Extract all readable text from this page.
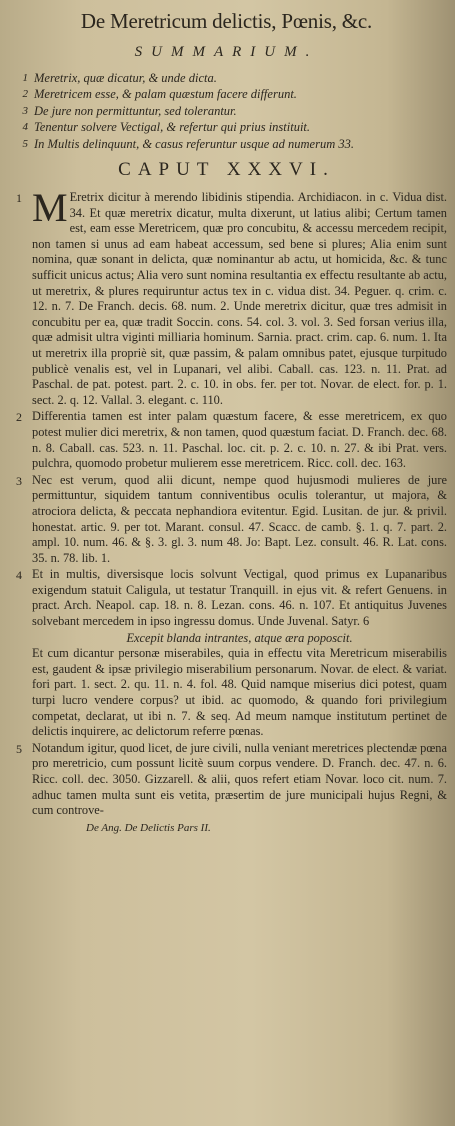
De Meretricum delictis, Pœnis, &c.
SUMMARIUM.
1 Meretrix, quæ dicatur, & unde dicta.
2 Meretricem esse, & palam quæstum facere differunt.
3 De jure non permittuntur, sed tolerantur.
4 Tenentur solvere Vectigal, & refertur qui prius instituit.
5 In Multis delinquunt, & casus referuntur usque ad numerum 33.
CAPUT XXXVI.
1 M Eretrix dicitur à merendo libidinis stipendia. Archidiacon. in c. Vidua dist. 34. Et quæ meretrix dicatur, multa dixerunt, ut latius alibi; Certum tamen est, eam esse Meretricem, quæ pro concubitu, & accessu mercedem recipit, non tamen si unus ad eam habeat accessum, sed bene si plures; Alia enim sunt nomina, quæ sonant in delicta, quæ nominantur ab actu, ut homicida, &c. & tunc sufficit unicus actus; Alia vero sunt nomina resultantia ex effectu resultante ab actu, ut meretrix, & plures requiruntur actus tex in c. vidua dist. 34. Peguer. q. crim. c. 12. n. 7. De Franch. decis. 68. num. 2. Unde meretrix dicitur, quæ tres admisit in concubitu per ea, quæ tradit Soccin. cons. 54. col. 3. vol. 3. Sed forsan verius illa, quæ admisit ultra viginti milliaria hominum. Sarnia. pract. crim. cap. 6. num. 1. Ita ut meretrix illa propriè sit, quæ passim, & palam omnibus patet, ejusque turpitudo publicè venalis est, vel in Lupanari, vel alibi. Caball. cas. 123. n. 11. Prat. ad Paschal. de pat. potest. part. 2. c. 10. in obs. fer. per tot. Novar. de elect. for. p. 1. sect. 2. q. 12. Vallal. 3. elegant. c. 110.
2 Differentia tamen est inter palam quæstum facere, & esse meretricem, ex quo potest mulier dici meretrix, & non tamen, quod quæstum faciat. D. Franch. dec. 68. n. 8. Caball. cas. 523. n. 11. Paschal. loc. cit. p. 2. c. 10. n. 27. & ibi Prat. vers. pulchra, quomodo probetur mulierem esse meretricem. Ricc. coll. dec. 163.
3 Nec est verum, quod alii dicunt, nempe quod hujusmodi mulieres de jure permittuntur, siquidem tantum conniventibus oculis tolerantur, ut majora, & atrociora delicta, & peccata nephandiora evitentur. Egid. Lusitan. de jur. & privil. honestat. artic. 9. per tot. Marant. consul. 47. Scacc. de camb. §. 1. q. 7. part. 2. ampl. 10. num. 46. & §. 3. gl. 3. num 48. Jo: Bapt. Lez. consult. 46. R. Lat. cons. 35. n. 78. lib. 1.
4 Et in multis, diversisque locis solvunt Vectigal, quod primus ex Lupanaribus exigendum statuit Caligula, ut testatur Tranquill. in ejus vit. & refert Genuens. in pract. Arch. Neapol. cap. 18. n. 8. Lezan. cons. 46. n. 107. Et antiquitus Juvenes solvebant mercedem in ipso ingressu domus. Unde Juvenal. Satyr. 6

Excepit blanda intrantes, atque æra poposcit.

Et cum dicantur personæ miserabiles, quia in effectu vita Meretricum miserabilis est, gaudent & ipsæ privilegio miserabilium personarum. Novar. de elect. & variat. fori part. 1. sect. 2. qu. 11. n. 4. fol. 48. Quid namque miserius dici potest, quam turpi lucro vendere corpus? ut ibid. ac quomodo, & quando fori privilegium competat, declarat, ut ibi n. 7. & seq. Ad meum namque institutum pertinet de delictis inquirere, ac delictorum referre pœnas.
5 Notandum igitur, quod licet, de jure civili, nulla veniant meretrices plectendæ pœna pro meretricio, cum possunt licitè suum corpus vendere. D. Franch. dec. 47. n. 6. Ricc. coll. dec. 3050. Gizzarell. & alii, quos refert etiam Novar. loco cit. num. 7. adhuc tamen multa sunt eis vetita, præsertim de jure municipali hujus Regni, & cum controve-
De Ang. De Delictis Pars II.
